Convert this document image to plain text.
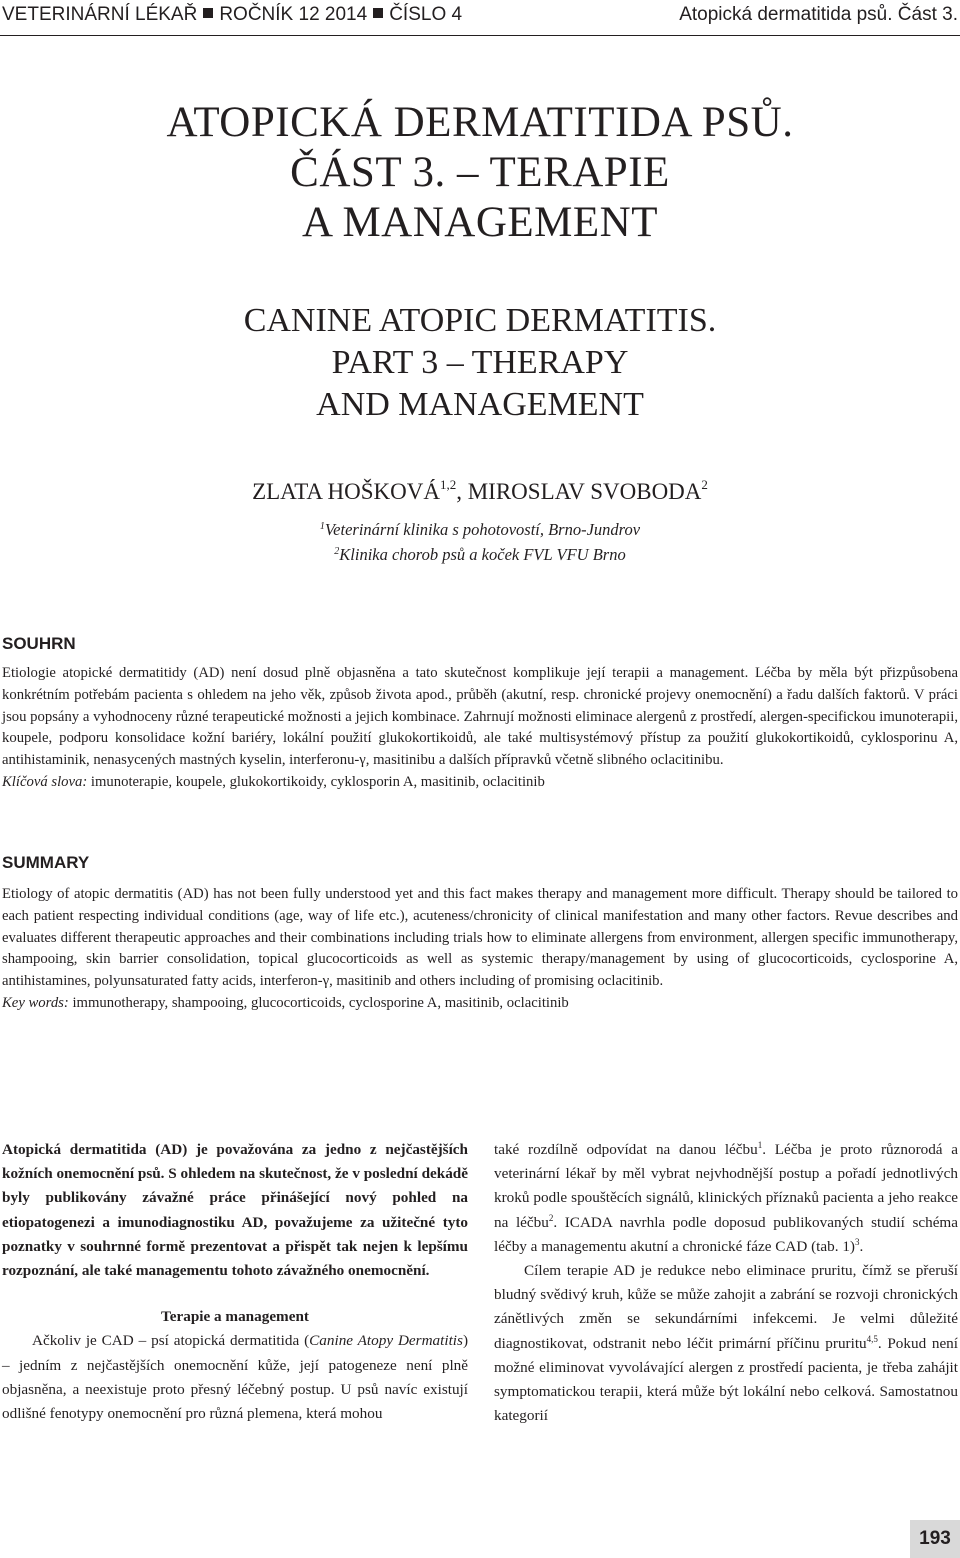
VETERINÁRNÍ LÉKAŘ ROČNÍK 12 2014 ČÍSLO 4	Atopická dermatitida psů. Část 3.
ATOPICKÁ DERMATITIDA PSŮ.
ČÁST 3. – TERAPIE
A MANAGEMENT
CANINE ATOPIC DERMATITIS.
PART 3 – THERAPY
AND MANAGEMENT
ZLATA HOŠKOVÁ$^{1,2}$, MIROSLAV SVOBODA$^2$
$^1$Veterinární klinika s pohotovostí, Brno-Jundrov
$^2$Klinika chorob psů a koček FVL VFU Brno
SOUHRN
Etiologie atopické dermatitidy (AD) není dosud plně objasněna a tato skutečnost komplikuje její terapii a management. Léčba by měla být přizpůsobena konkrétním potřebám pacienta s ohledem na jeho věk, způsob života apod., průběh (akutní, resp. chronické projevy onemocnění) a řadu dalších faktorů. V práci jsou popsány a vyhodnoceny různé terapeutické možnosti a jejich kombinace. Zahrnují možnosti eliminace alergenů z prostředí, alergen-specifickou imunoterapii, koupele, podporu konsolidace kožní bariéry, lokální použití glukokortikoidů, ale také multisystémový přístup za použití glukokortikoidů, cyklosporinu A, antihistaminik, nenasycených mastných kyselin, interferonu-γ, masitinibu a dalších přípravků včetně slibného oclacitinibu.
Klíčová slova: imunoterapie, koupele, glukokortikoidy, cyklosporin A, masitinib, oclacitinib
SUMMARY
Etiology of atopic dermatitis (AD) has not been fully understood yet and this fact makes therapy and management more difficult. Therapy should be tailored to each patient respecting individual conditions (age, way of life etc.), acuteness/chronicity of clinical manifestation and many other factors. Revue describes and evaluates different therapeutic approaches and their combinations including trials how to eliminate allergens from environment, allergen specific immunotherapy, shampooing, skin barrier consolidation, topical glucocorticoids as well as systemic therapy/management by using of glucocorticoids, cyclosporine A, antihistamines, polyunsaturated fatty acids, interferon-γ, masitinib and others including of promising oclacitinib.
Key words: immunotherapy, shampooing, glucocorticoids, cyclosporine A, masitinib, oclacitinib
Atopická dermatitida (AD) je považována za jedno z nejčastějších kožních onemocnění psů. S ohledem na skutečnost, že v poslední dekádě byly publikovány závažné práce přinášející nový pohled na etiopatogenezi a imunodiagnostiku AD, považujeme za užitečné tyto poznatky v souhrnné formě prezentovat a přispět tak nejen k lepšímu rozpoznání, ale také managementu tohoto závažného onemocnění.
Terapie a management
Ačkoliv je CAD – psí atopická dermatitida (Canine Atopy Dermatitis) – jedním z nejčastějších onemocnění kůže, její patogeneze není plně objasněna, a neexistuje proto přesný léčebný postup. U psů navíc existují odlišné fenotypy onemocnění pro různá plemena, která mohou
také rozdílně odpovídat na danou léčbu$^1$. Léčba je proto různorodá a veterinární lékař by měl vybrat nejvhodnější postup a pořadí jednotlivých kroků podle spouštěcích signálů, klinických příznaků pacienta a jeho reakce na léčbu$^2$. ICADA navrhla podle doposud publikovaných studií schéma léčby a managementu akutní a chronické fáze CAD (tab. 1)$^3$.
Cílem terapie AD je redukce nebo eliminace pruritu, čímž se přeruší bludný svědivý kruh, kůže se může zahojit a zabrání se rozvoji chronických zánětlivých změn se sekundárními infekcemi. Je velmi důležité diagnostikovat, odstranit nebo léčit primární příčinu pruritu$^{4,5}$. Pokud není možné eliminovat vyvolávající alergen z prostředí pacienta, je třeba zahájit symptomatickou terapii, která může být lokální nebo celková. Samostatnou kategorií
193
